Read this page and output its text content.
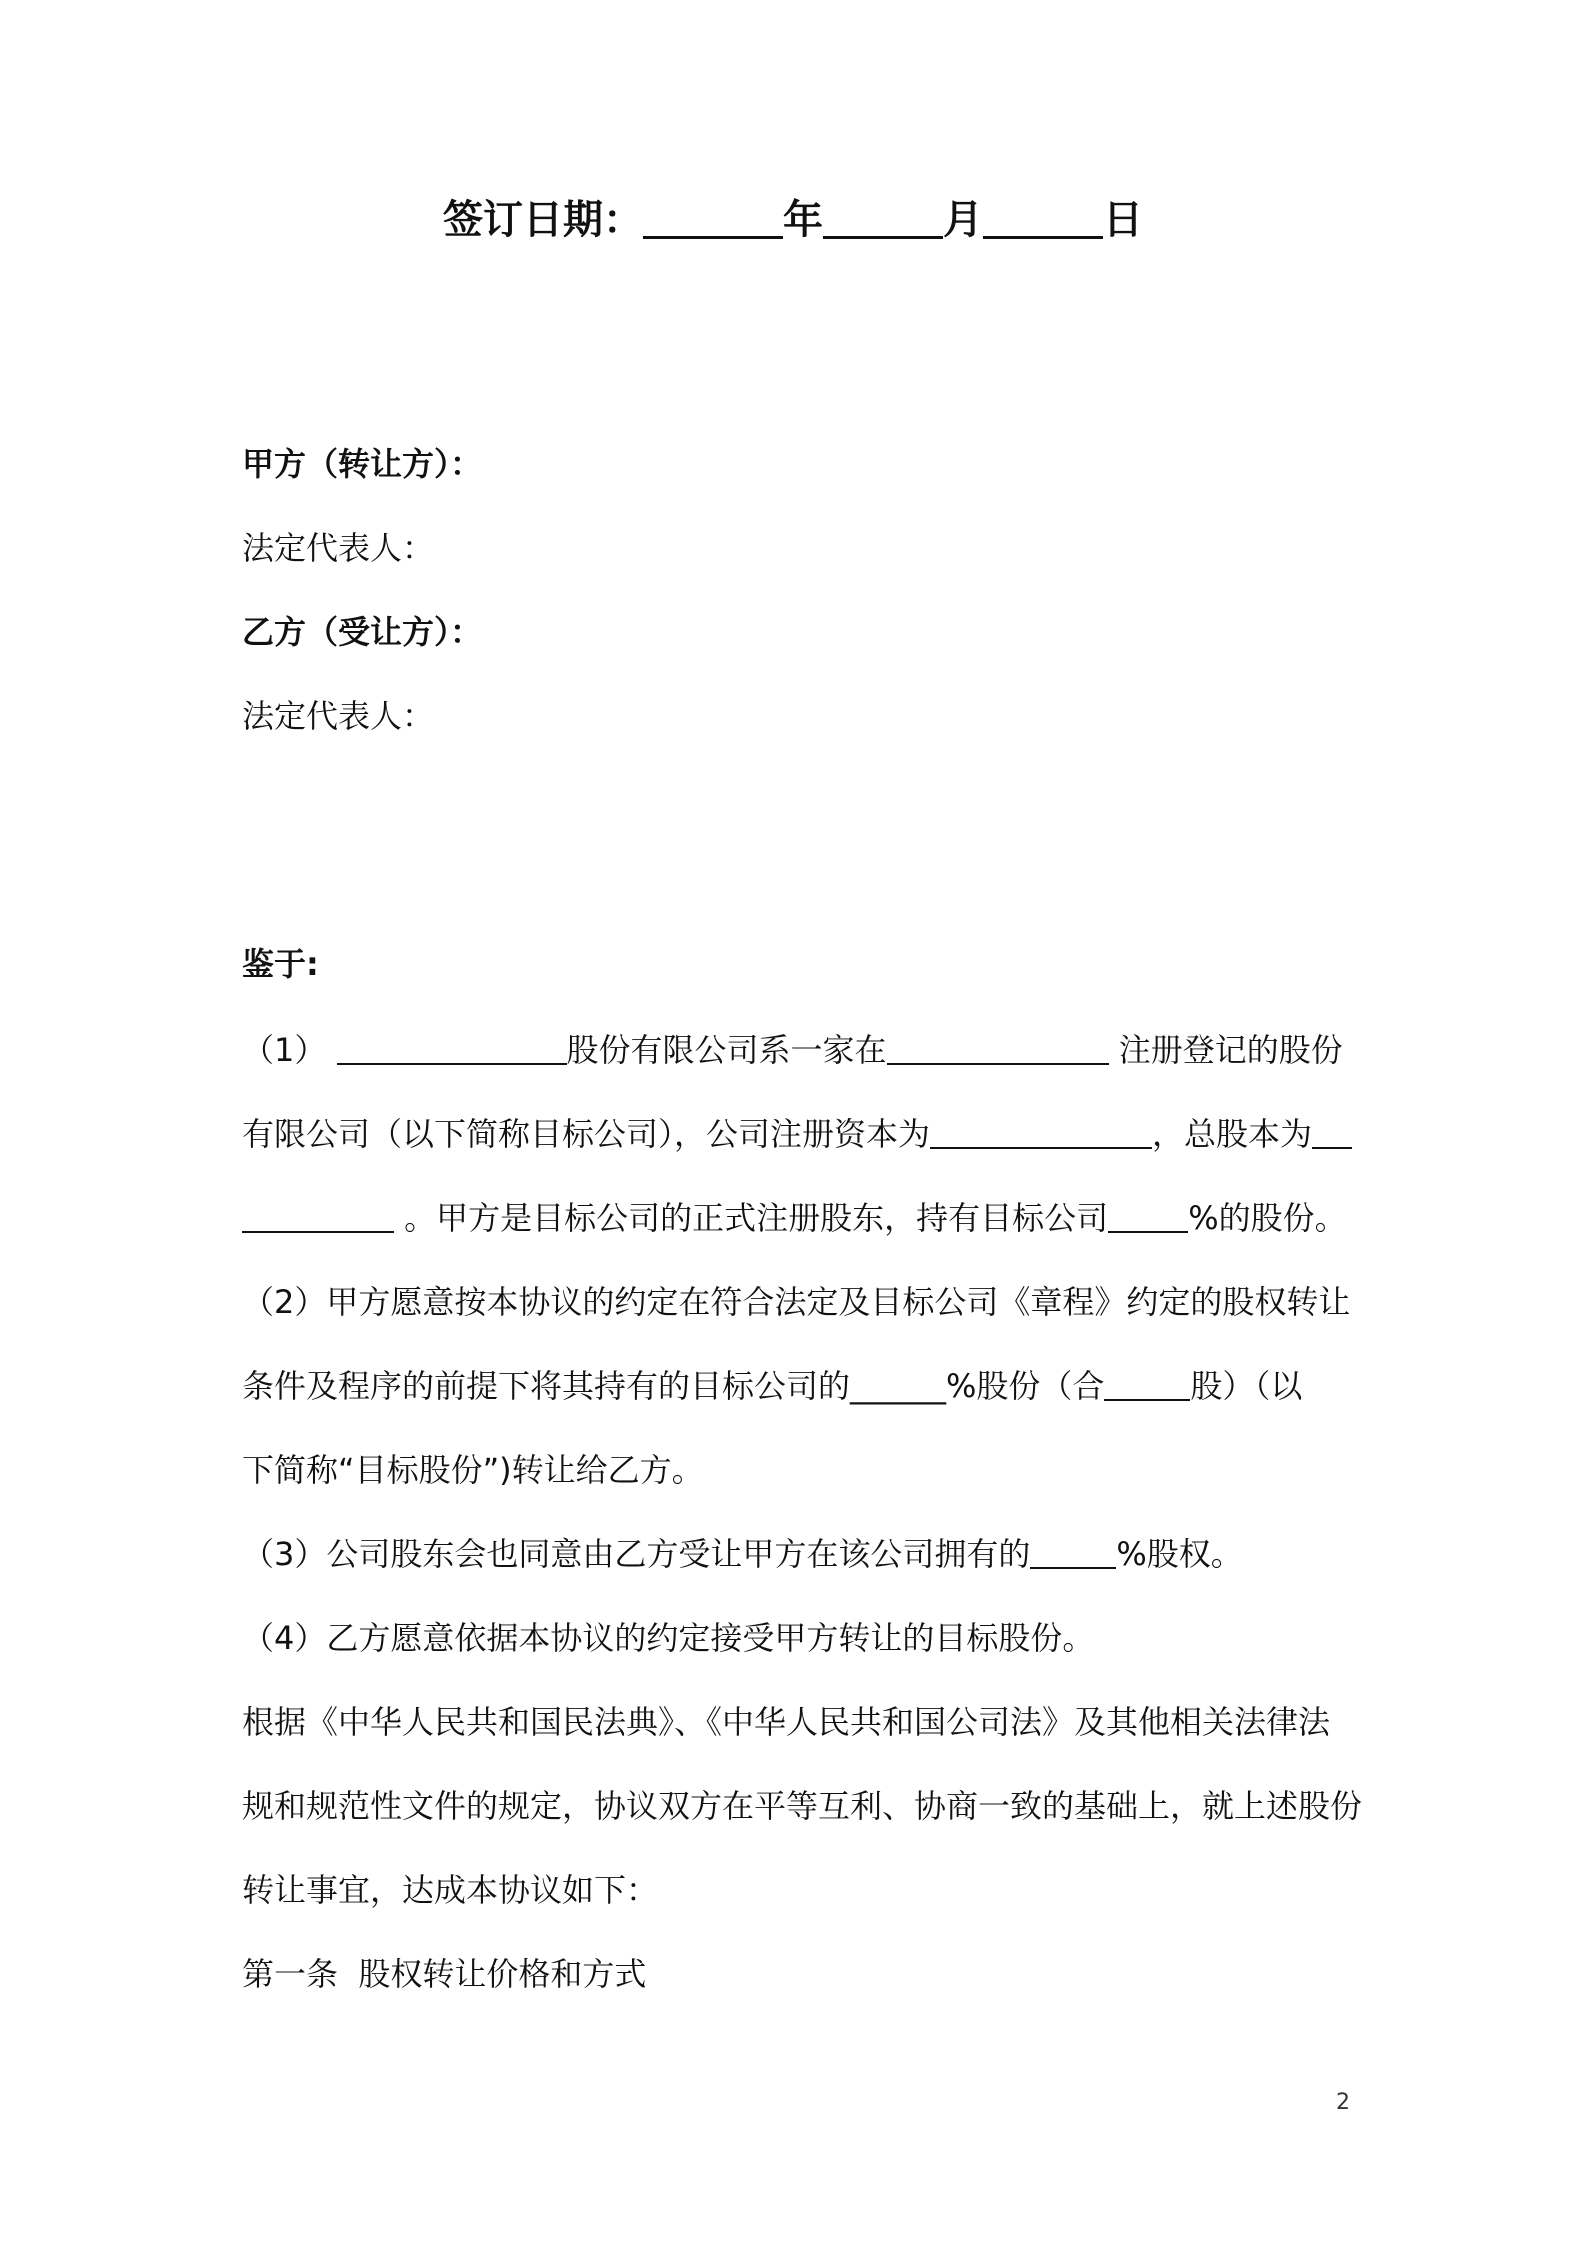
签订日期：	年	月	日
甲方（转让方）：
法定代表人：
乙方（受让方）：
法定代表人：
鉴于:
（1）	股份有限公司系一家在	注册登记的股份
有限公司（以下简称目标公司），公司注册资本为	，总股本为
。甲方是目标公司的正式注册股东，持有目标公司	%的股份。
（2）甲方愿意按本协议的约定在符合法定及目标公司《章程》约定的股权转让
条件及程序的前提下将其持有的目标公司的______%股份（合	股）（以
下简称“目标股份”)转让给乙方。
（3）公司股东会也同意由乙方受让甲方在该公司拥有的	%股权。
（4）乙方愿意依据本协议的约定接受甲方转让的目标股份。
根据《中华人民共和国民法典》、《中华人民共和国公司法》及其他相关法律法
规和规范性文件的规定，协议双方在平等互利、协商一致的基础上，就上述股份
转让事宜，达成本协议如下：
第一条  股权转让价格和方式
2
